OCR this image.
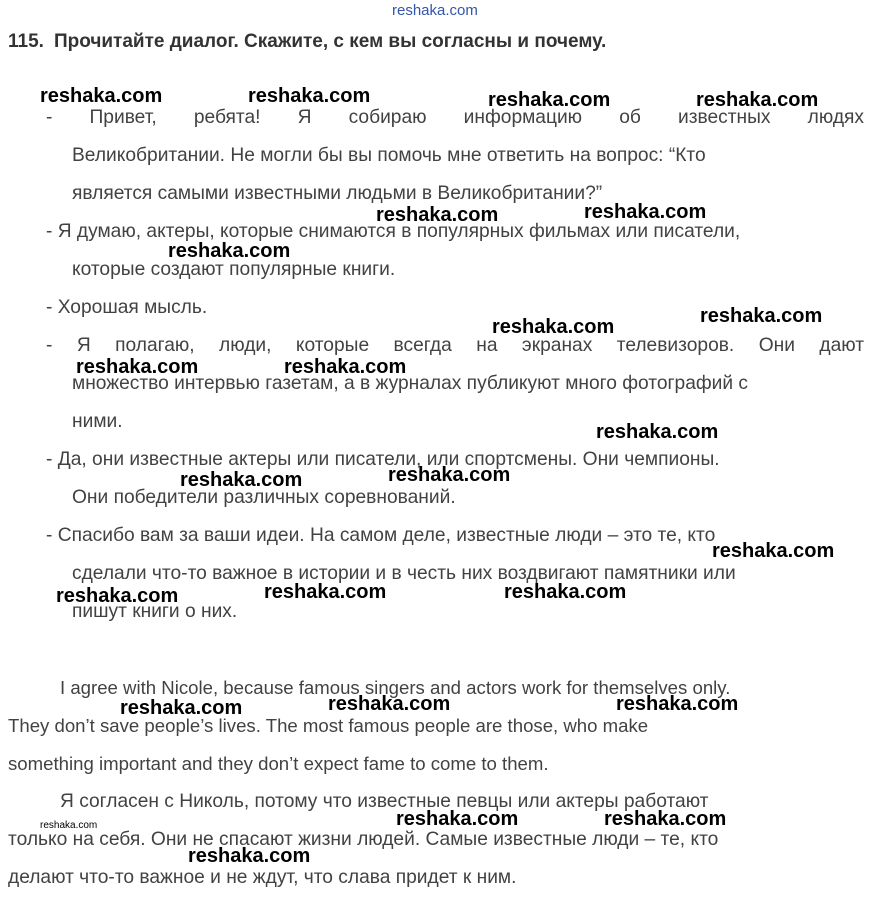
reshaka.com
115. Прочитайте диалог. Скажите, с кем вы согласны и почему.
- Привет, ребята! Я собираю информацию об известных людях
Великобритании. Не могли бы вы помочь мне ответить на вопрос: “Кто
является самыми известными людьми в Великобритании?”
- Я думаю, актеры, которые снимаются в популярных фильмах или писатели,
которые создают популярные книги.
- Хорошая мысль.
- Я полагаю, люди, которые всегда на экранах телевизоров. Они дают
множество интервью газетам, а в журналах публикуют много фотографий с
ними.
- Да, они известные актеры или писатели, или спортсмены. Они чемпионы.
Они победители различных соревнований.
- Спасибо вам за ваши идеи. На самом деле, известные люди – это те, кто
сделали что-то важное в истории и в честь них воздвигают памятники или
пишут книги о них.
I agree with Nicole, because famous singers and actors work for themselves only.
They don’t save people’s lives. The most famous people are those, who make
something important and they don’t expect fame to come to them.
Я согласен с Николь, потому что известные певцы или актеры работают
только на себя. Они не спасают жизни людей. Самые известные люди – те, кто
делают что-то важное и не ждут, что слава придет к ним.
reshaka.com	reshaka.com	reshaka.com	reshaka.com
reshaka.com	reshaka.com
reshaka.com
reshaka.com	reshaka.com
reshaka.com	reshaka.com
reshaka.com
reshaka.com	reshaka.com
reshaka.com
reshaka.com	reshaka.com	reshaka.com
reshaka.com	reshaka.com	reshaka.com
reshaka.com	reshaka.com
reshaka.com
reshaka.com
